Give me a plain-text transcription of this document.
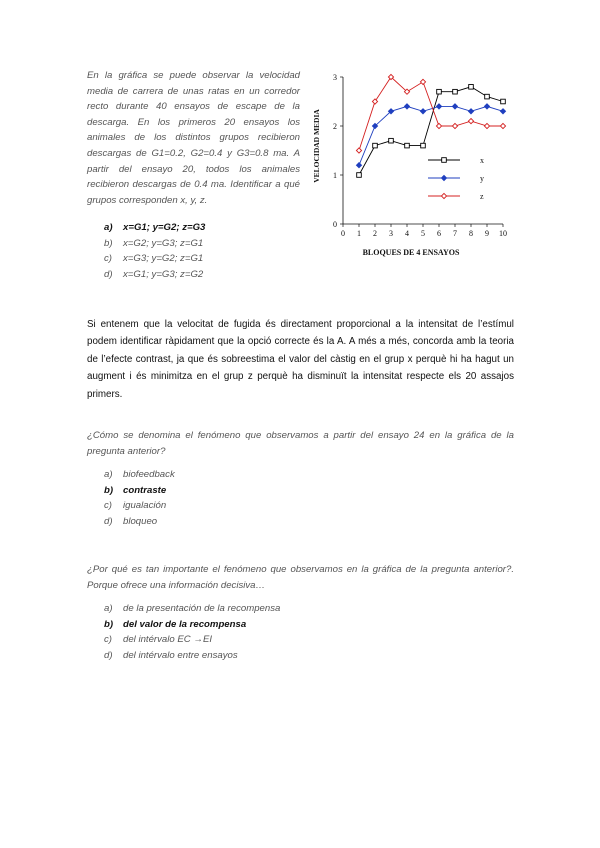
En la gráfica se puede observar la velocidad media de carrera de unas ratas en un corredor recto durante 40 ensayos de escape de la descarga. En los primeros 20 ensayos los animales de los distintos grupos recibieron descargas de G1=0.2, G2=0.4 y G3=0.8 ma. A partir del ensayo 20, todos los animales recibieron descargas de 0.4 ma. Identificar a qué grupos corresponden x, y, z.
a) x=G1; y=G2; z=G3
b) x=G2; y=G3; z=G1
c) x=G3; y=G2; z=G1
d) x=G1; y=G3; z=G2
0 1 2 3 4 5 6 7 8 9 10
0
1
2
3
x
y
z
BLOQUES DE 4 ENSAYOS
VELOCIDAD MEDIA
Si entenem que la velocitat de fugida és directament proporcional a la intensitat de l’estímul podem identificar ràpidament que la opció correcte és la A. A més a més, concorda amb la teoria de l’efecte contrast, ja que és sobreestima el valor del càstig en el grup x perquè hi ha hagut un augment i és minimitza en el grup z perquè ha disminuït la intensitat respecte els 20 assajos primers.
¿Cómo se denomina el fenómeno que observamos a partir del ensayo 24 en la gráfica de la pregunta anterior?
a) biofeedback
b) contraste
c) igualación
d) bloqueo
¿Por qué es tan importante el fenómeno que observamos en la gráfica de la pregunta anterior?. Porque ofrece una información decisiva…
a) de la presentación de la recompensa
b) del valor de la recompensa
c) del intérvalo EC →EI
d) del intérvalo entre ensayos
